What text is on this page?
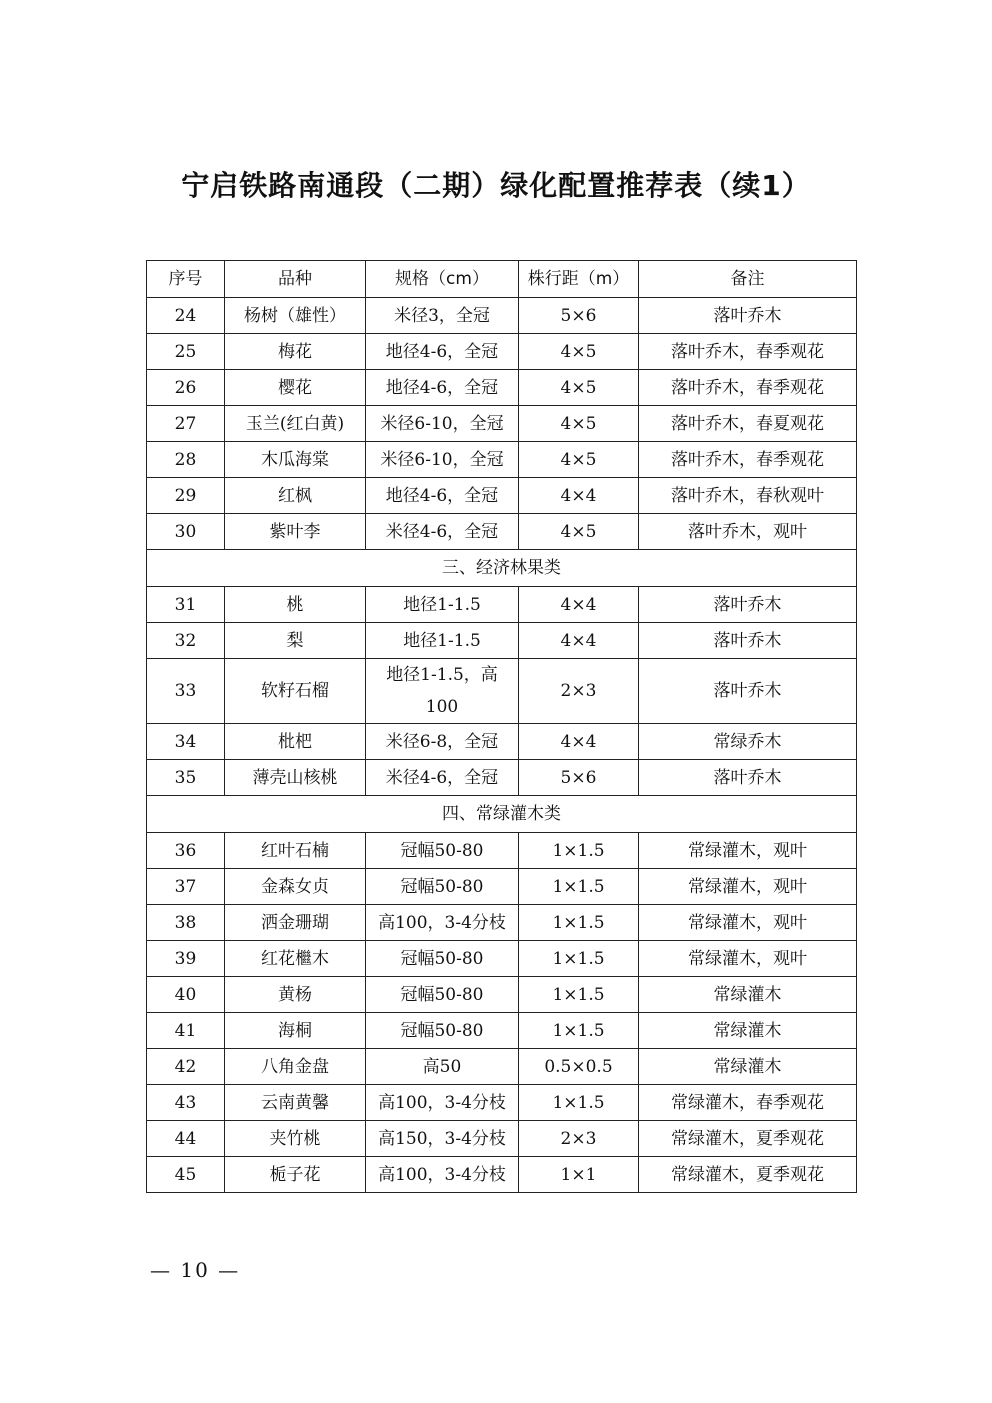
宁启铁路南通段（二期）绿化配置推荐表（续1）
序号	品种	规格（cm）	株行距（m）	备注
24	杨树（雄性）	米径3，全冠	5×6	落叶乔木
25	梅花	地径4-6，全冠	4×5	落叶乔木，春季观花
26	樱花	地径4-6，全冠	4×5	落叶乔木，春季观花
27	玉兰(红白黄)	米径6-10，全冠	4×5	落叶乔木，春夏观花
28	木瓜海棠	米径6-10，全冠	4×5	落叶乔木，春季观花
29	红枫	地径4-6，全冠	4×4	落叶乔木，春秋观叶
30	紫叶李	米径4-6，全冠	4×5	落叶乔木，观叶
三、经济林果类				
31	桃	地径1-1.5	4×4	落叶乔木
32	梨	地径1-1.5	4×4	落叶乔木
33	软籽石榴	地径1-1.5，高100	2×3	落叶乔木
34	枇杷	米径6-8，全冠	4×4	常绿乔木
35	薄壳山核桃	米径4-6，全冠	5×6	落叶乔木
四、常绿灌木类				
36	红叶石楠	冠幅50-80	1×1.5	常绿灌木，观叶
37	金森女贞	冠幅50-80	1×1.5	常绿灌木，观叶
38	洒金珊瑚	高100，3-4分枝	1×1.5	常绿灌木，观叶
39	红花檵木	冠幅50-80	1×1.5	常绿灌木，观叶
40	黄杨	冠幅50-80	1×1.5	常绿灌木
41	海桐	冠幅50-80	1×1.5	常绿灌木
42	八角金盘	高50	0.5×0.5	常绿灌木
43	云南黄馨	高100，3-4分枝	1×1.5	常绿灌木，春季观花
44	夹竹桃	高150，3-4分枝	2×3	常绿灌木，夏季观花
45	栀子花	高100，3-4分枝	1×1	常绿灌木，夏季观花
— 10 —
